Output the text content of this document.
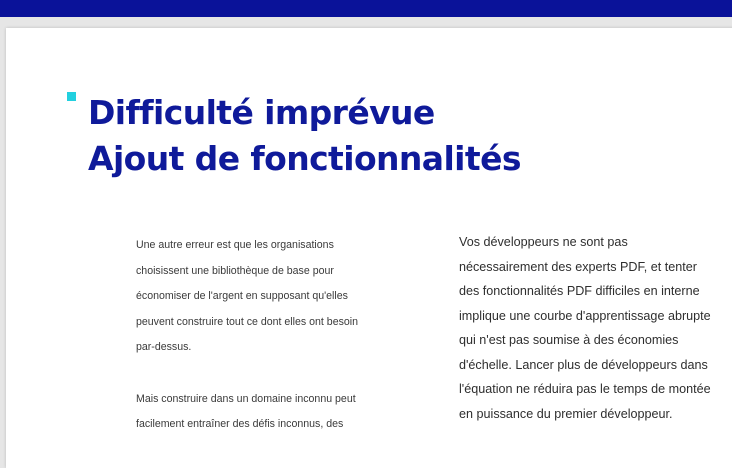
Difficulté imprévue
Ajout de fonctionnalités

Une autre erreur est que les organisations
choisissent une bibliothèque de base pour
économiser de l'argent en supposant qu'elles
peuvent construire tout ce dont elles ont besoin
par-dessus.

Mais construire dans un domaine inconnu peut
facilement entraîner des défis inconnus, des

Vos développeurs ne sont pas
nécessairement des experts PDF, et tenter
des fonctionnalités PDF difficiles en interne
implique une courbe d'apprentissage abrupte
qui n'est pas soumise à des économies
d'échelle. Lancer plus de développeurs dans
l'équation ne réduira pas le temps de montée
en puissance du premier développeur.
